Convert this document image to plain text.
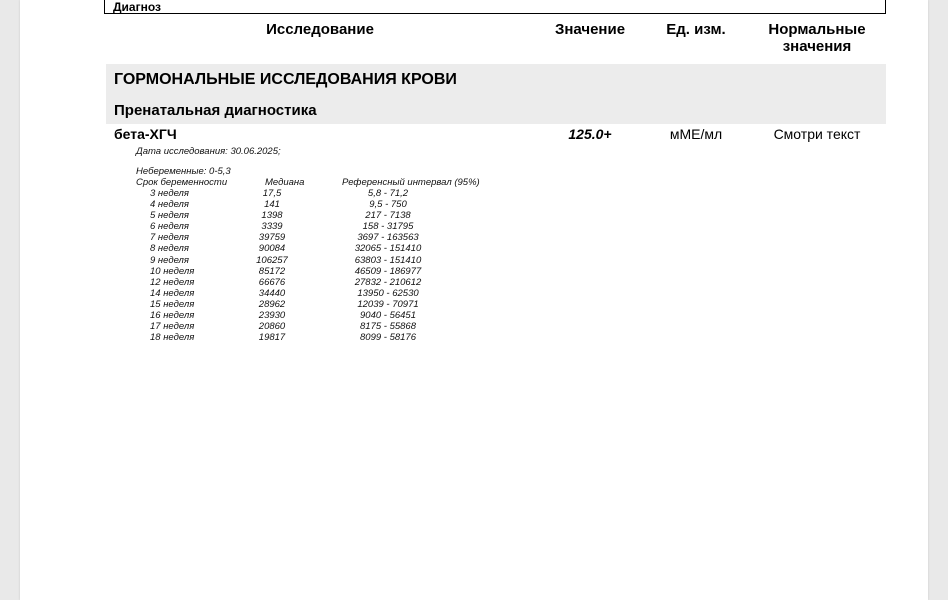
Диагноз
Исследование	Значение	Ед. изм.	Нормальные
значения
ГОРМОНАЛЬНЫЕ ИССЛЕДОВАНИЯ КРОВИ
Пренатальная диагностика
бета-ХГЧ	125.0+	мМЕ/мл	Смотри текст
Дата исследования: 30.06.2025;
Небеременные: 0-5,3
Срок беременности	Медиана	Референсный интервал (95%)
3 неделя	17,5	5,8 - 71,2
4 неделя	141	9,5 - 750
5 неделя	1398	217 - 7138
6 неделя	3339	158 - 31795
7 неделя	39759	3697 - 163563
8 неделя	90084	32065 - 151410
9 неделя	106257	63803 - 151410
10 неделя	85172	46509 - 186977
12 неделя	66676	27832 - 210612
14 неделя	34440	13950 - 62530
15 неделя	28962	12039 - 70971
16 неделя	23930	9040 - 56451
17 неделя	20860	8175 - 55868
18 неделя	19817	8099 - 58176
